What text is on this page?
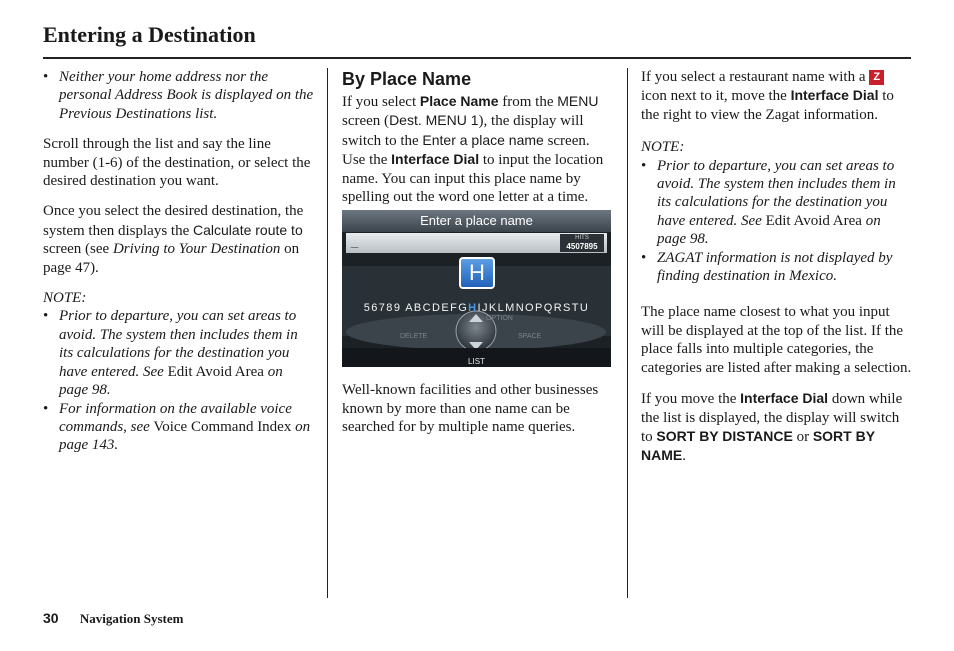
Entering a Destination
• Neither your home address nor the personal Address Book is displayed on the Previous Destinations list.

Scroll through the list and say the line number (1-6) of the destination, or select the desired destination you want.

Once you select the desired destination, the system then displays the Calculate route to screen (see Driving to Your Destination on page 47).

NOTE:

• Prior to departure, you can set areas to avoid. The system then includes them in its calculations for the destination you have entered. See Edit Avoid Area on page 98.
• For information on the available voice commands, see Voice Command Index on page 143.
By Place Name

If you select Place Name from the MENU screen (Dest. MENU 1), the display will switch to the Enter a place name screen. Use the Interface Dial to input the location name. You can input this place name by spelling out the word one letter at a time.

Enter a place name
_	HITS
4507895
H
56789 ABCDEFGHIJKLMNOPQRSTU
OPTION
DELETE	SPACE
LIST

Well-known facilities and other businesses known by more than one name can be searched for by multiple name queries.

If you select a restaurant name with a Z icon next to it, move the Interface Dial to the right to view the Zagat information.

NOTE:

• Prior to departure, you can set areas to avoid. The system then includes them in its calculations for the destination you have entered. See Edit Avoid Area on page 98.
• ZAGAT information is not displayed by finding destination in Mexico.

The place name closest to what you input will be displayed at the top of the list. If the place falls into multiple categories, the categories are listed after making a selection.

If you move the Interface Dial down while the list is displayed, the display will switch to SORT BY DISTANCE or SORT BY NAME.

30 Navigation System
